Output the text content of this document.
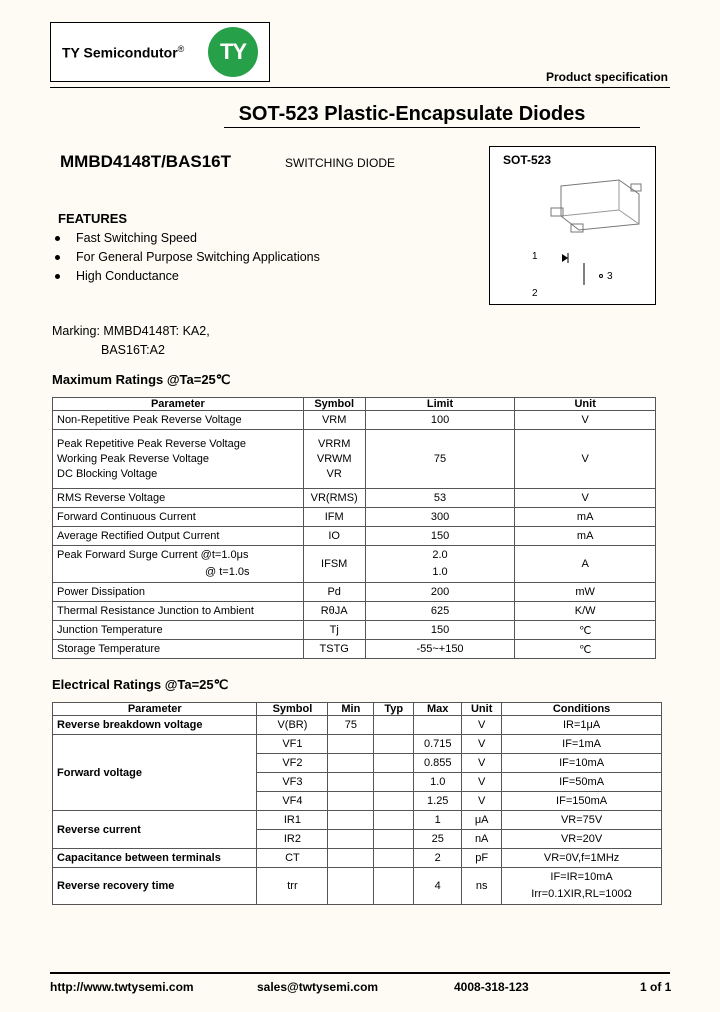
TY Semicondutor®	TY
Product specification
SOT-523 Plastic-Encapsulate Diodes
MMBD4148T/BAS16T	SWITCHING DIODE	SOT-523
1
2
3
FEATURES
Fast Switching Speed
For General Purpose Switching Applications
High Conductance
Marking: MMBD4148T: KA2,
BAS16T:A2
Maximum Ratings @Ta=25℃
Parameter	Symbol	Limit	Unit
Non-Repetitive Peak Reverse Voltage	VRM	100	V
Peak Repetitive Peak Reverse Voltage
Working Peak Reverse Voltage
DC Blocking Voltage	VRRM
VRWM
VR	75	V
RMS Reverse Voltage	VR(RMS)	53	V
Forward Continuous Current	IFM	300	mA
Average Rectified Output Current	IO	150	mA
Peak Forward Surge Current @t=1.0μs
@ t=1.0s	IFSM	2.0
1.0	A
Power Dissipation	Pd	200	mW
Thermal Resistance Junction to Ambient	RθJA	625	K/W
Junction Temperature	Tj	150	℃
Storage Temperature	TSTG	-55~+150	℃
Electrical Ratings @Ta=25℃
Parameter	Symbol	Min	Typ	Max	Unit	Conditions
Reverse breakdown voltage	V(BR)	75			V	IR=1μA
Forward voltage	VF1			0.715	V	IF=1mA
	VF2			0.855	V	IF=10mA
	VF3			1.0	V	IF=50mA
	VF4			1.25	V	IF=150mA
Reverse current	IR1			1	μA	VR=75V
	IR2			25	nA	VR=20V
Capacitance between terminals	CT			2	pF	VR=0V,f=1MHz
Reverse recovery time	trr			4	ns	IF=IR=10mA
Irr=0.1XIR,RL=100Ω
http://www.twtysemi.com	sales@twtysemi.com	4008-318-123	1 of 1
